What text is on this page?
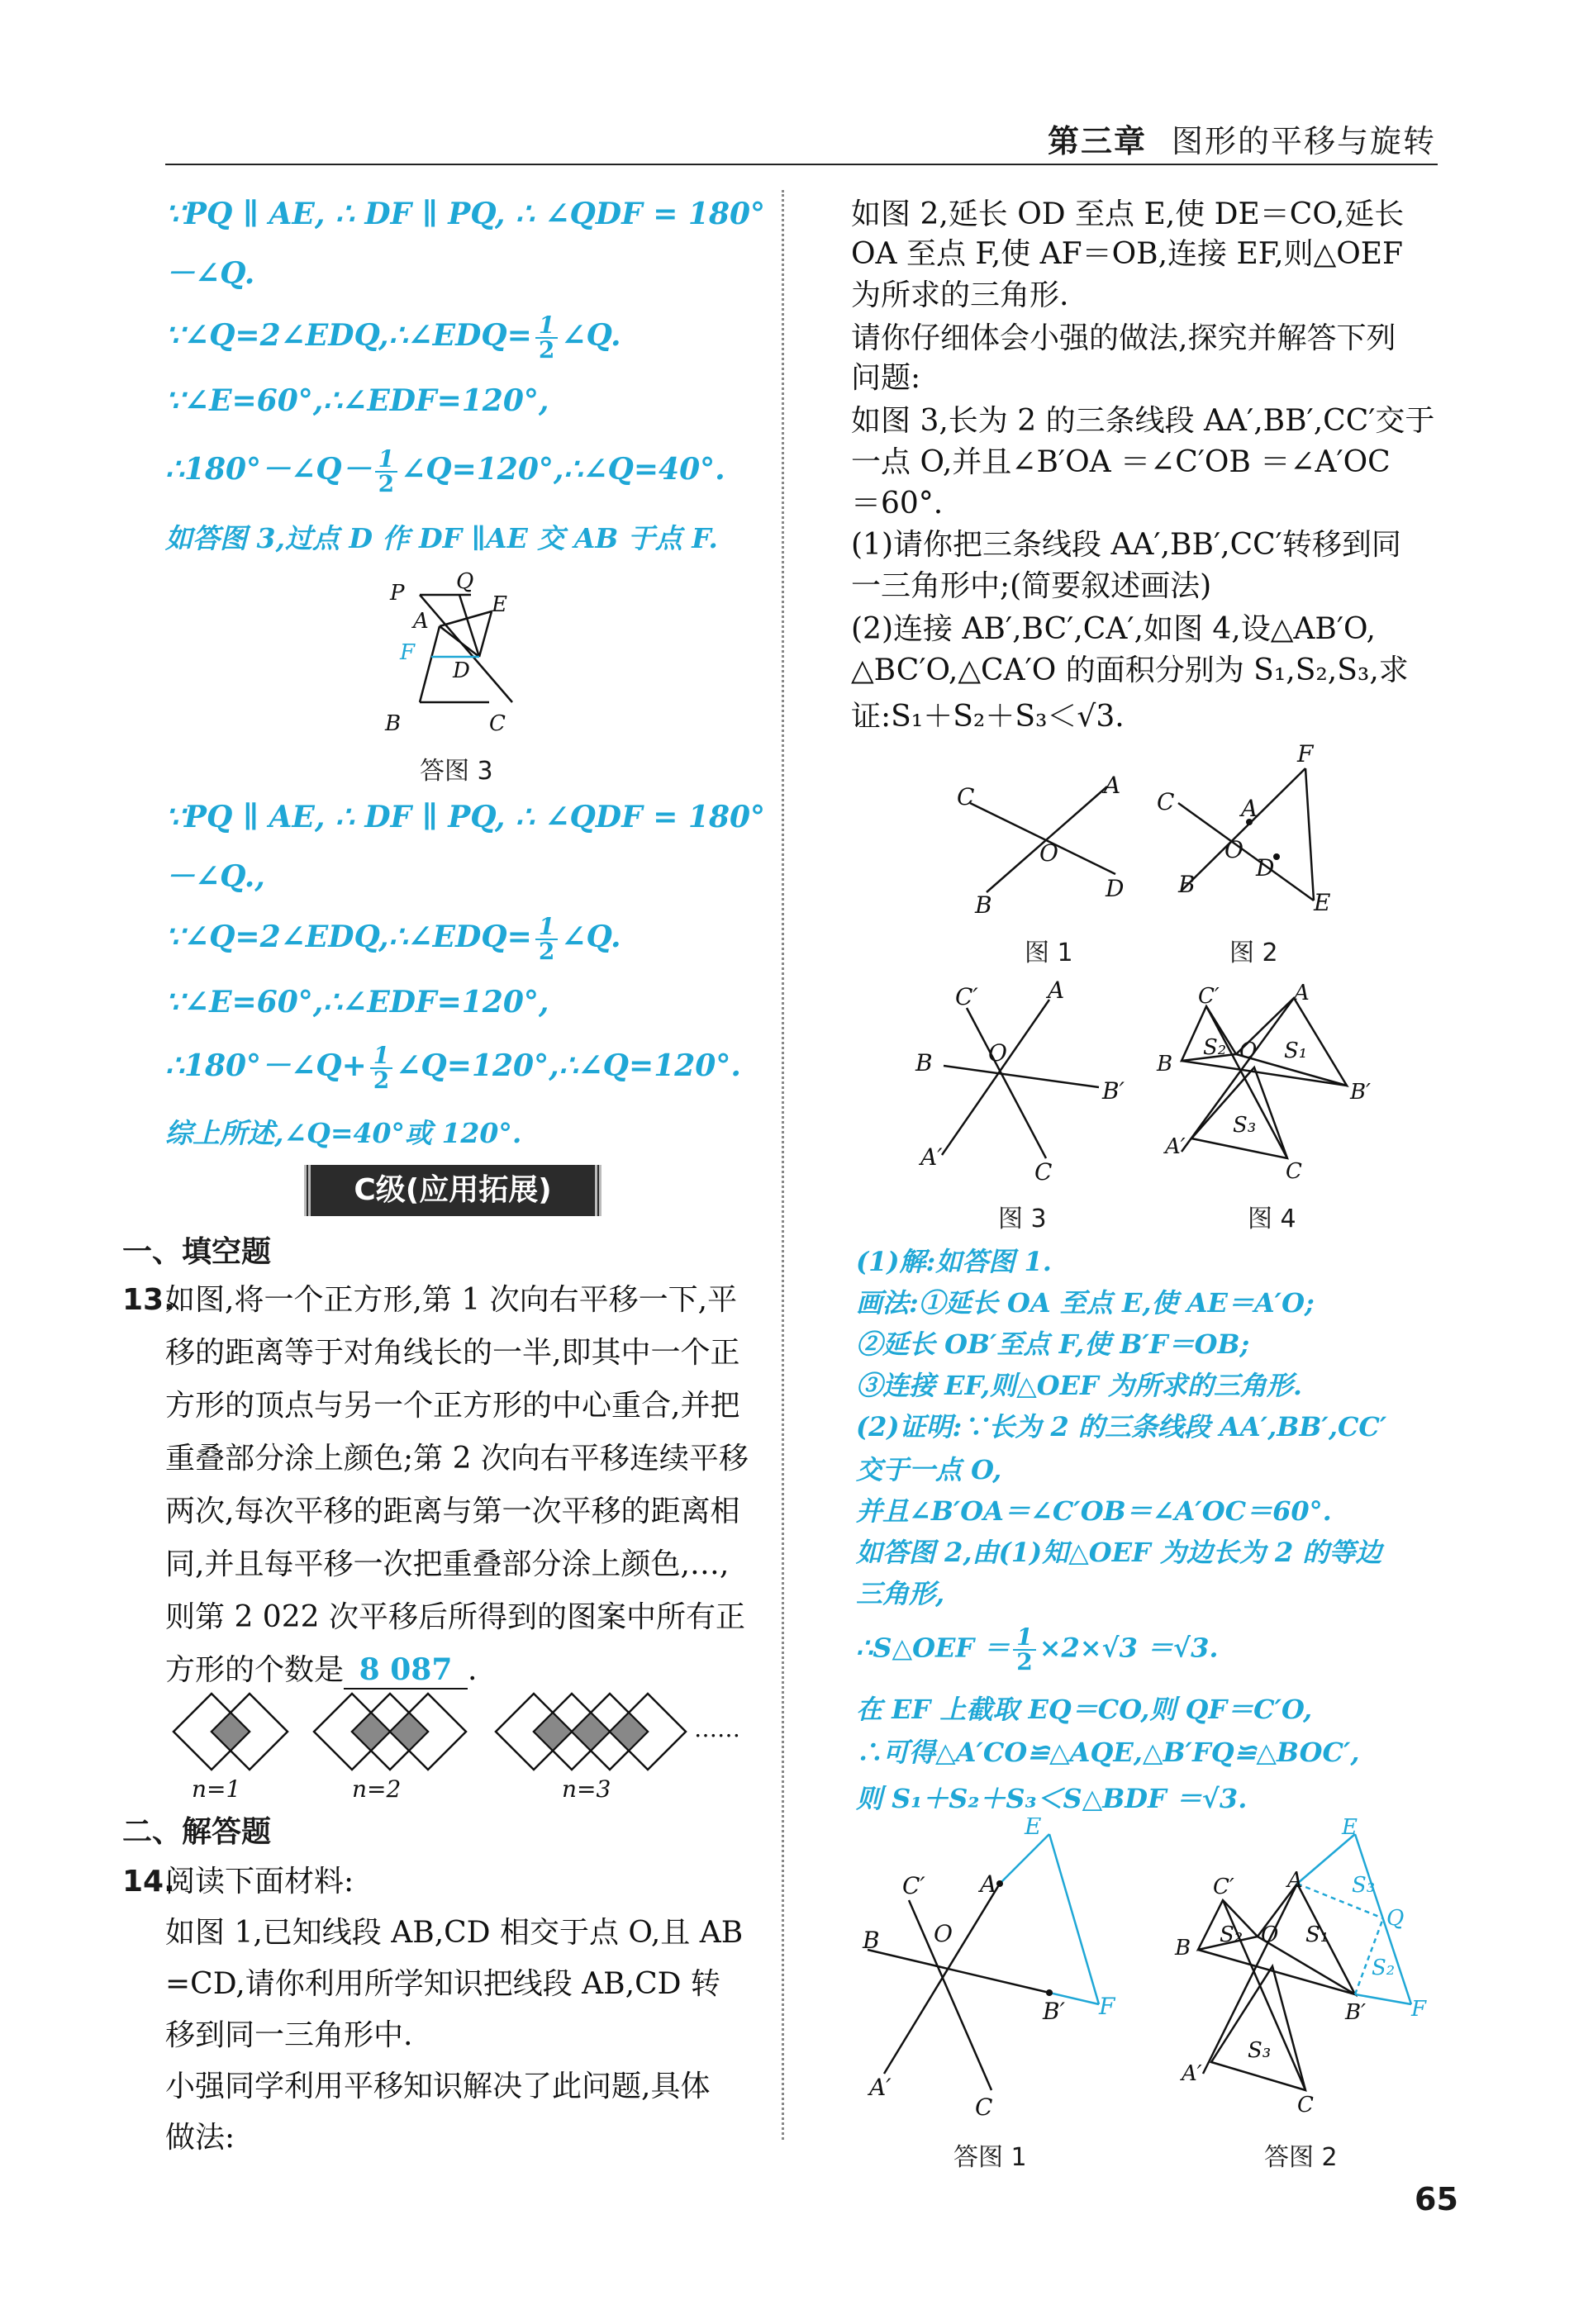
第三章 图形的平移与旋转
∵PQ ∥ AE, ∴ DF ∥ PQ, ∴ ∠QDF = 180°
－∠Q.
∵∠Q=2∠EDQ,∴∠EDQ= $\frac{1}{2}$ ∠Q.
∵∠E=60°,∴∠EDF=120°,
∴180°－∠Q－ $\frac{1}{2}$ ∠Q=120°,∴∠Q=40°.
如答图 3,过点 D 作 DF ∥AE 交 AB 于点 F.
P Q
A
E
F
D
B	C
答图 3
∵PQ ∥ AE, ∴ DF ∥ PQ, ∴ ∠QDF = 180°
－∠Q.,
∵∠Q=2∠EDQ,∴∠EDQ= $\frac{1}{2}$ ∠Q.
∵∠E=60°,∴∠EDF=120°,
∴180°－∠Q+ $\frac{1}{2}$ ∠Q=120°,∴∠Q=120°.
综上所述,∠Q=40°或 120°.
C级(应用拓展)
一、填空题
13.
如图,将一个正方形,第 1 次向右平移一下,平
移的距离等于对角线长的一半,即其中一个正
方形的顶点与另一个正方形的中心重合,并把
重叠部分涂上颜色;第 2 次向右平移连续平移
两次,每次平移的距离与第一次平移的距离相
同,并且每平移一次把重叠部分涂上颜色,…,
则第 2 022 次平移后所得到的图案中所有正
方形的个数是 8 087 .
n=1	n=2	n=3
……
二、解答题
14.
阅读下面材料:
如图 1,已知线段 AB,CD 相交于点 O,且 AB
=CD,请你利用所学知识把线段 AB,CD 转
移到同一三角形中.
小强同学利用平移知识解决了此问题,具体
做法:
如图 2,延长 OD 至点 E,使 DE＝CO,延长
OA 至点 F,使 AF＝OB,连接 EF,则△OEF
为所求的三角形.
请你仔细体会小强的做法,探究并解答下列
问题:
如图 3,长为 2 的三条线段 AA′,BB′,CC′交于
一点 O,并且∠B′OA ＝∠C′OB ＝∠A′OC
＝60°.
(1)请你把三条线段 AA′,BB′,CC′转移到同
一三角形中;(简要叙述画法)
(2)连接 AB′,BC′,CA′,如图 4,设△AB′O,
△BC′O,△CA′O 的面积分别为 S₁,S₂,S₃,求
证:S₁＋S₂＋S₃＜√3.
C	A
O
B
D
F
C	A
O
D
B
E
图 1	图 2
C′	A
B O
B′
A′
C
C′	A
B
S₂ O S₁
B′
A′
S₃
C
图 3	图 4
(1)解:如答图 1.
画法:①延长 OA 至点 E,使 AE＝A′O;
②延长 OB′至点 F,使 B′F＝OB;
③连接 EF,则△OEF 为所求的三角形.
(2)证明:∵长为 2 的三条线段 AA′,BB′,CC′
交于一点 O,
并且∠B′OA＝∠C′OB＝∠A′OC＝60°.
如答图 2,由(1)知△OEF 为边长为 2 的等边
三角形,
∴S△OEF ＝ $\frac{1}{2} \times 2\times√3 =√3$.
在 EF 上截取 EQ＝CO,则 QF＝C′O,
∴可得△A′CO≌△AQE,△B′FQ≌△BOC′,
则 S₁＋S₂＋S₃＜S△BDF ＝√3.
E
C′ A
O
B
B′ F
A′
C
E
C′ A S₃
B
S₂ O S₁
Q
S₂
B′ F
A′
S₃
C
答图 1	答图 2
65
